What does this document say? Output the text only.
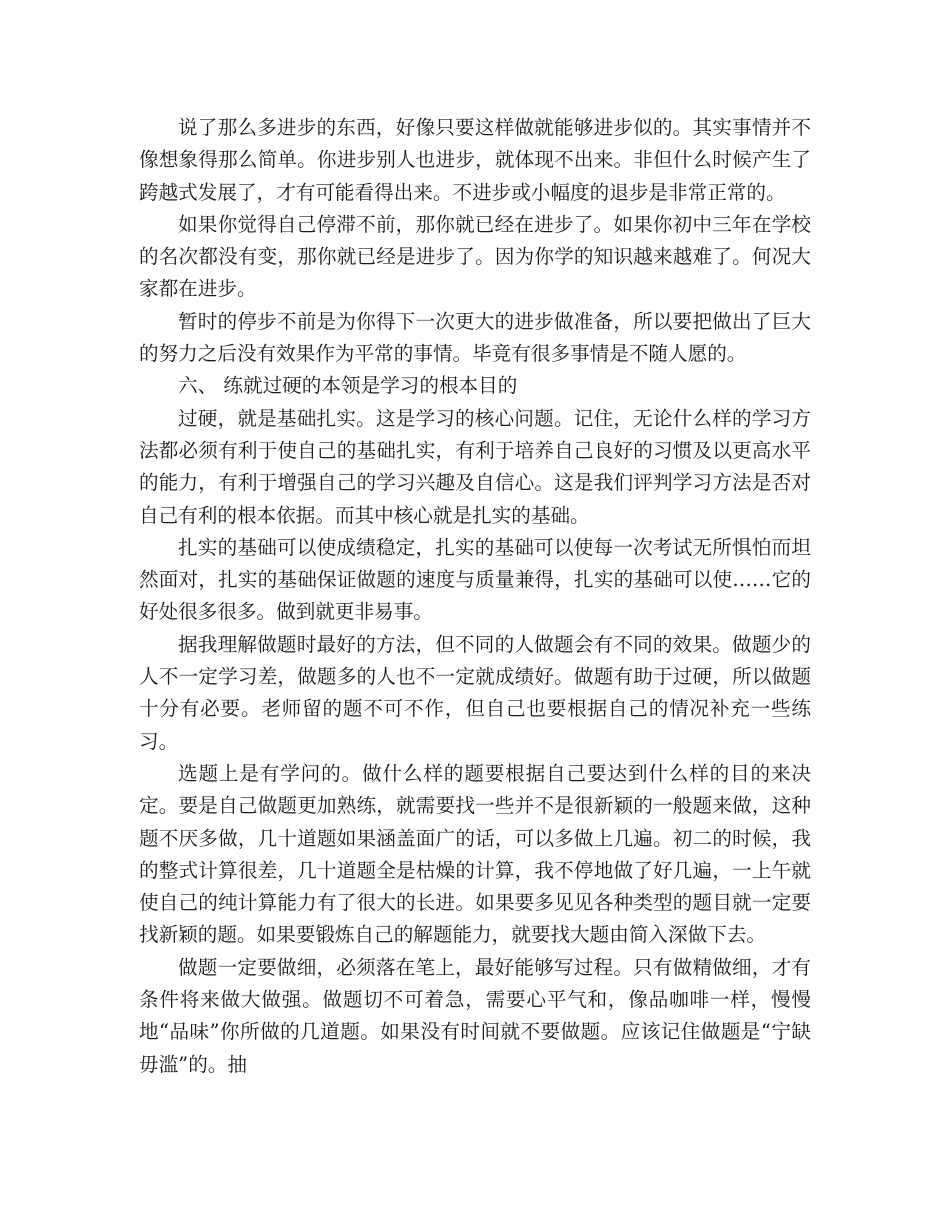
说了那么多进步的东西，好像只要这样做就能够进步似的。其实事情并不像想象得那么简单。你进步别人也进步，就体现不出来。非但什么时候产生了跨越式发展了，才有可能看得出来。不进步或小幅度的退步是非常正常的。

如果你觉得自己停滞不前，那你就已经在进步了。如果你初中三年在学校的名次都没有变，那你就已经是进步了。因为你学的知识越来越难了。何况大家都在进步。

暂时的停步不前是为你得下一次更大的进步做准备，所以要把做出了巨大的努力之后没有效果作为平常的事情。毕竟有很多事情是不随人愿的。

六、 练就过硬的本领是学习的根本目的

过硬，就是基础扎实。这是学习的核心问题。记住，无论什么样的学习方法都必须有利于使自己的基础扎实，有利于培养自己良好的习惯及以更高水平的能力，有利于增强自己的学习兴趣及自信心。这是我们评判学习方法是否对自己有利的根本依据。而其中核心就是扎实的基础。

扎实的基础可以使成绩稳定，扎实的基础可以使每一次考试无所惧怕而坦然面对，扎实的基础保证做题的速度与质量兼得，扎实的基础可以使……它的好处很多很多。做到就更非易事。

据我理解做题时最好的方法，但不同的人做题会有不同的效果。做题少的人不一定学习差，做题多的人也不一定就成绩好。做题有助于过硬，所以做题十分有必要。老师留的题不可不作，但自己也要根据自己的情况补充一些练习。

选题上是有学问的。做什么样的题要根据自己要达到什么样的目的来决定。要是自己做题更加熟练，就需要找一些并不是很新颖的一般题来做，这种题不厌多做，几十道题如果涵盖面广的话，可以多做上几遍。初二的时候，我的整式计算很差，几十道题全是枯燥的计算，我不停地做了好几遍，一上午就使自己的纯计算能力有了很大的长进。如果要多见见各种类型的题目就一定要找新颖的题。如果要锻炼自己的解题能力，就要找大题由简入深做下去。

做题一定要做细，必须落在笔上，最好能够写过程。只有做精做细，才有条件将来做大做强。做题切不可着急，需要心平气和，像品咖啡一样，慢慢地“品味”你所做的几道题。如果没有时间就不要做题。应该记住做题是“宁缺毋滥”的。抽
